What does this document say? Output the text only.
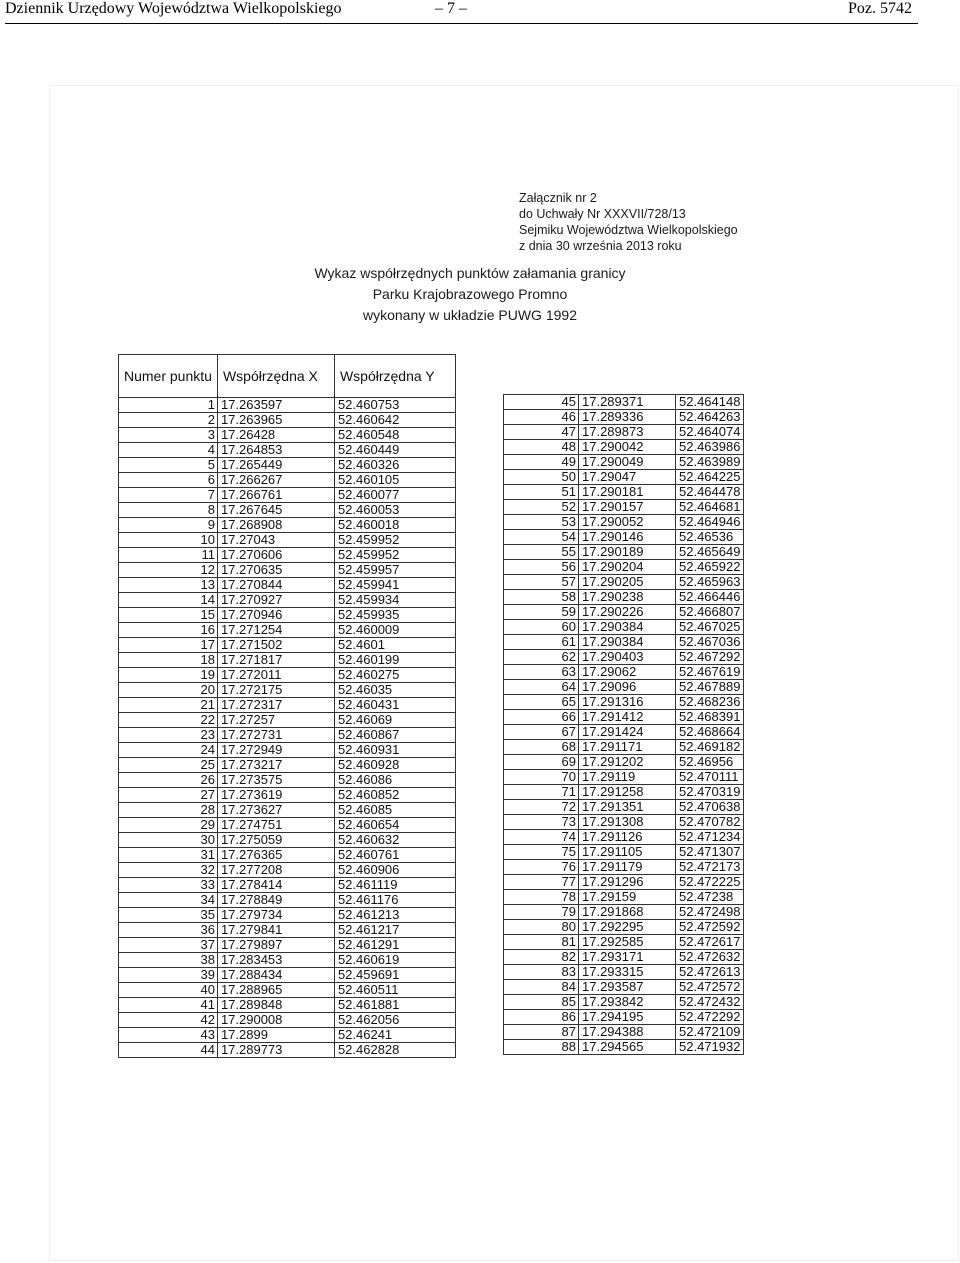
Dziennik Urzędowy Województwa Wielkopolskiego	– 7 –	Poz. 5742
Załącznik nr 2
do Uchwały Nr XXXVII/728/13
Sejmiku Województwa Wielkopolskiego
z dnia 30 września 2013 roku
Wykaz współrzędnych punktów załamania granicy
Parku Krajobrazowego Promno
wykonany w układzie PUWG 1992
Numer punktu	Współrzędna X	Współrzędna Y
1	17.263597	52.460753
2	17.263965	52.460642
3	17.26428	52.460548
4	17.264853	52.460449
5	17.265449	52.460326
6	17.266267	52.460105
7	17.266761	52.460077
8	17.267645	52.460053
9	17.268908	52.460018
10	17.27043	52.459952
11	17.270606	52.459952
12	17.270635	52.459957
13	17.270844	52.459941
14	17.270927	52.459934
15	17.270946	52.459935
16	17.271254	52.460009
17	17.271502	52.4601
18	17.271817	52.460199
19	17.272011	52.460275
20	17.272175	52.46035
21	17.272317	52.460431
22	17.27257	52.46069
23	17.272731	52.460867
24	17.272949	52.460931
25	17.273217	52.460928
26	17.273575	52.46086
27	17.273619	52.460852
28	17.273627	52.46085
29	17.274751	52.460654
30	17.275059	52.460632
31	17.276365	52.460761
32	17.277208	52.460906
33	17.278414	52.461119
34	17.278849	52.461176
35	17.279734	52.461213
36	17.279841	52.461217
37	17.279897	52.461291
38	17.283453	52.460619
39	17.288434	52.459691
40	17.288965	52.460511
41	17.289848	52.461881
42	17.290008	52.462056
43	17.2899	52.46241
44	17.289773	52.462828
45	17.289371	52.464148
46	17.289336	52.464263
47	17.289873	52.464074
48	17.290042	52.463986
49	17.290049	52.463989
50	17.29047	52.464225
51	17.290181	52.464478
52	17.290157	52.464681
53	17.290052	52.464946
54	17.290146	52.46536
55	17.290189	52.465649
56	17.290204	52.465922
57	17.290205	52.465963
58	17.290238	52.466446
59	17.290226	52.466807
60	17.290384	52.467025
61	17.290384	52.467036
62	17.290403	52.467292
63	17.29062	52.467619
64	17.29096	52.467889
65	17.291316	52.468236
66	17.291412	52.468391
67	17.291424	52.468664
68	17.291171	52.469182
69	17.291202	52.46956
70	17.29119	52.470111
71	17.291258	52.470319
72	17.291351	52.470638
73	17.291308	52.470782
74	17.291126	52.471234
75	17.291105	52.471307
76	17.291179	52.472173
77	17.291296	52.472225
78	17.29159	52.47238
79	17.291868	52.472498
80	17.292295	52.472592
81	17.292585	52.472617
82	17.293171	52.472632
83	17.293315	52.472613
84	17.293587	52.472572
85	17.293842	52.472432
86	17.294195	52.472292
87	17.294388	52.472109
88	17.294565	52.471932
